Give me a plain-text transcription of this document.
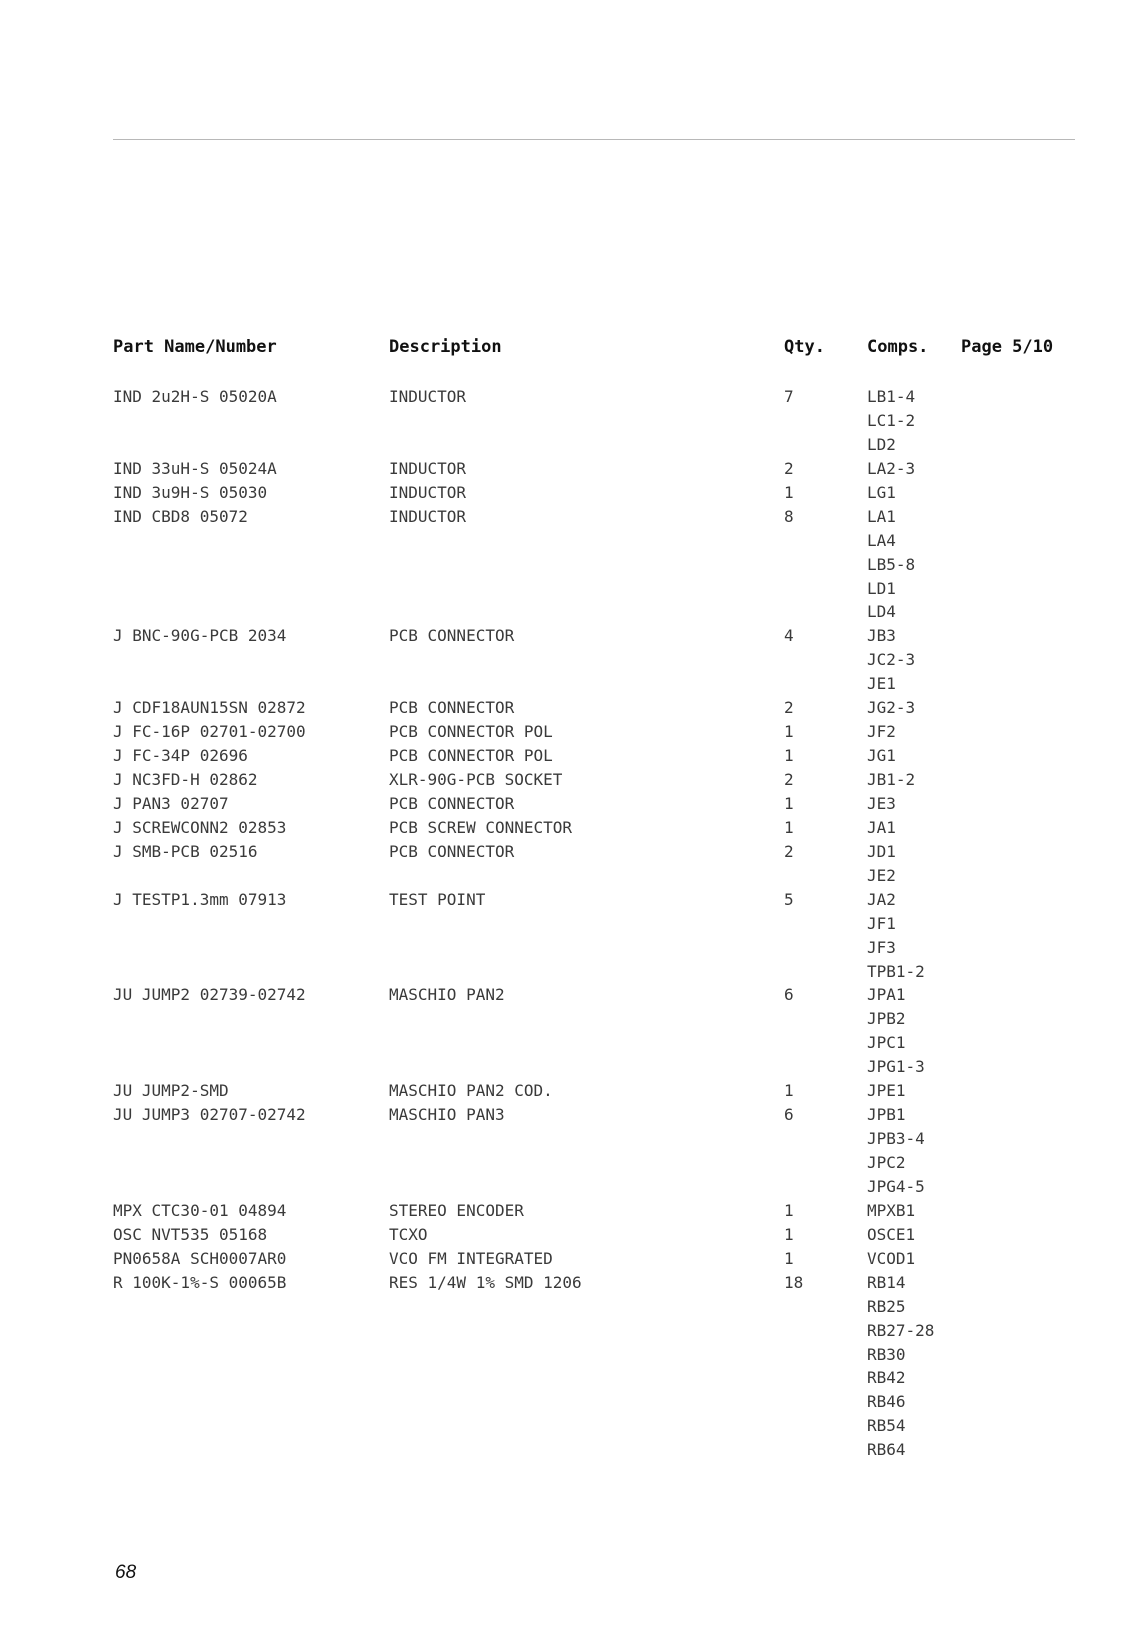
Part Name/Number	Description	Qty. Comps. Page 5/10
IND 2u2H-S 05020A	INDUCTOR	7	LB1-4
LC1-2
LD2
IND 33uH-S 05024A	INDUCTOR	2	LA2-3
IND 3u9H-S 05030	INDUCTOR	1	LG1
IND CBD8 05072	INDUCTOR	8	LA1
LA4
LB5-8
LD1
LD4
J BNC-90G-PCB 2034	PCB CONNECTOR	4	JB3
JC2-3
JE1
J CDF18AUN15SN 02872	PCB CONNECTOR	2	JG2-3
J FC-16P 02701-02700	PCB CONNECTOR POL	1	JF2
J FC-34P 02696	PCB CONNECTOR POL	1	JG1
J NC3FD-H 02862	XLR-90G-PCB SOCKET	2	JB1-2
J PAN3 02707	PCB CONNECTOR	1	JE3
J SCREWCONN2 02853	PCB SCREW CONNECTOR	1	JA1
J SMB-PCB 02516	PCB CONNECTOR	2	JD1
JE2
J TESTP1.3mm 07913	TEST POINT	5	JA2
JF1
JF3
TPB1-2
JU JUMP2 02739-02742	MASCHIO PAN2	6	JPA1
JPB2
JPC1
JPG1-3
JU JUMP2-SMD	MASCHIO PAN2 COD.	1	JPE1
JU JUMP3 02707-02742	MASCHIO PAN3	6	JPB1
JPB3-4
JPC2
JPG4-5
MPX CTC30-01 04894	STEREO ENCODER	1	MPXB1
OSC NVT535 05168	TCXO	1	OSCE1
PN0658A SCH0007AR0	VCO FM INTEGRATED	1	VCOD1
R 100K-1%-S 00065B	RES 1/4W 1% SMD 1206	18	RB14
RB25
RB27-28
RB30
RB42
RB46
RB54
RB64
68
